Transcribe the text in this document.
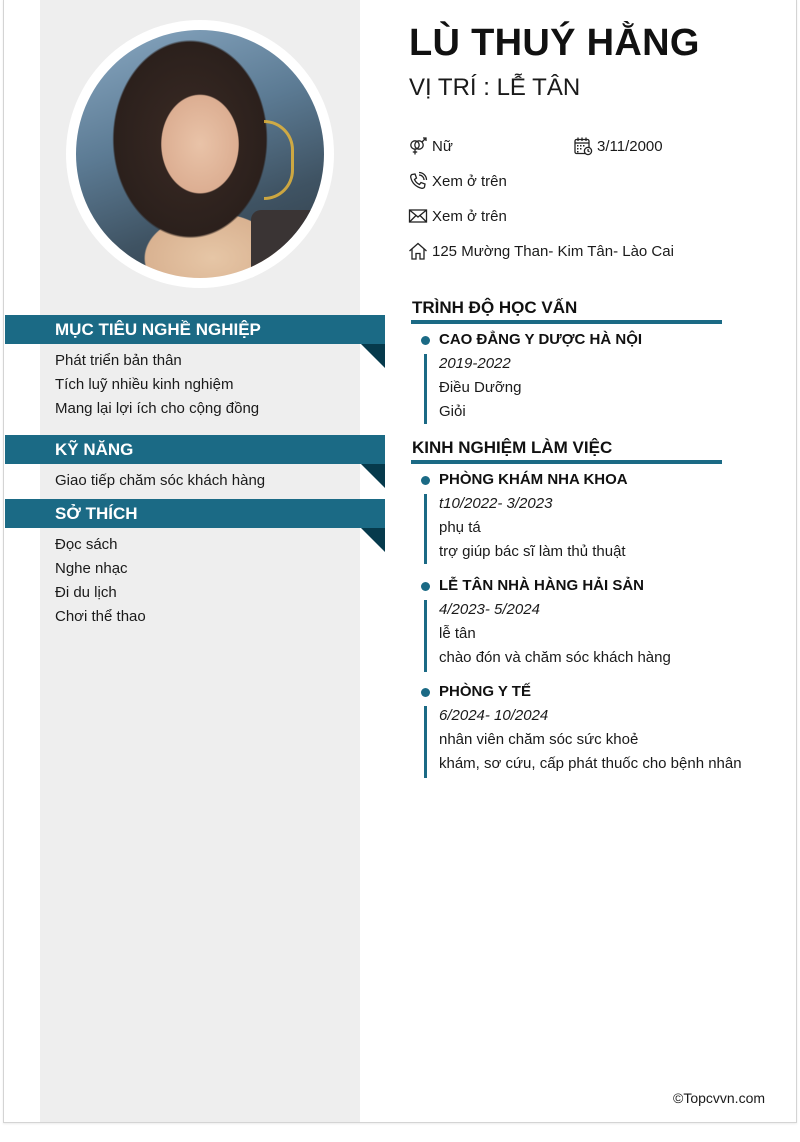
MỤC TIÊU NGHỀ NGHIỆP
Phát triển bản thân
Tích luỹ nhiều kinh nghiệm
Mang lại lợi ích cho cộng đồng
KỸ NĂNG
Giao tiếp chăm sóc khách hàng
SỞ THÍCH
Đọc sách
Nghe nhạc
Đi du lịch
Chơi thể thao
LÙ THUÝ HẰNG
VỊ TRÍ : LỄ TÂN
Nữ	3/11/2000
Xem ở trên
Xem ở trên
125 Mường Than- Kim Tân- Lào Cai
TRÌNH ĐỘ HỌC VẤN
CAO ĐẲNG Y DƯỢC HÀ NỘI
2019-2022
Điều Dưỡng
Giỏi
KINH NGHIỆM LÀM VIỆC
PHÒNG KHÁM NHA KHOA
t10/2022- 3/2023
phụ tá
trợ giúp bác sĩ làm thủ thuật
LỄ TÂN NHÀ HÀNG HẢI SẢN
4/2023- 5/2024
lễ tân
chào đón và chăm sóc khách hàng
PHÒNG Y TẾ
6/2024- 10/2024
nhân viên chăm sóc sức khoẻ
khám, sơ cứu, cấp phát thuốc cho bệnh nhân
©Topcvvn.com
